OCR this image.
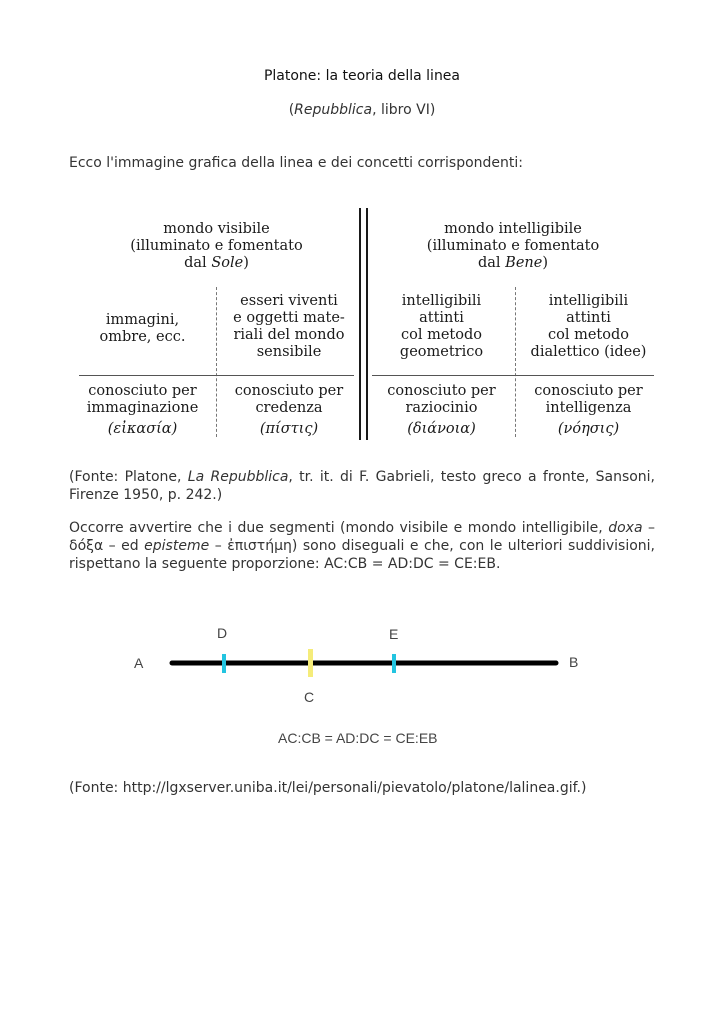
Platone: la teoria della linea
(Repubblica, libro VI)
Ecco l'immagine grafica della linea e dei concetti corrispondenti:
mondo visibile
(illuminato e fomentato
dal Sole)
mondo intelligibile
(illuminato e fomentato
dal Bene)
immagini,
ombre, ecc.
esseri viventi
e oggetti mate-
riali del mondo
sensibile
intelligibili
attinti
col metodo
geometrico
intelligibili
attinti
col metodo
dialettico (idee)
conosciuto per
immaginazione
(εἰκασία)
conosciuto per
credenza
(πίστις)
conosciuto per
raziocinio
(διάνοια)
conosciuto per
intelligenza
(νόησις)
(Fonte: Platone, La Repubblica, tr. it. di F. Gabrieli, testo greco a fronte, Sansoni, Firenze 1950, p. 242.)
Occorre avvertire che i due segmenti (mondo visibile e mondo intelligibile, doxa – δόξα – ed episteme – ἐπιστήμη) sono diseguali e che, con le ulteriori suddivisioni, rispettano la seguente proporzione: AC:CB = AD:DC = CE:EB.
A	B
C
D	E
AC:CB = AD:DC = CE:EB
(Fonte: http://lgxserver.uniba.it/lei/personali/pievatolo/platone/lalinea.gif.)
